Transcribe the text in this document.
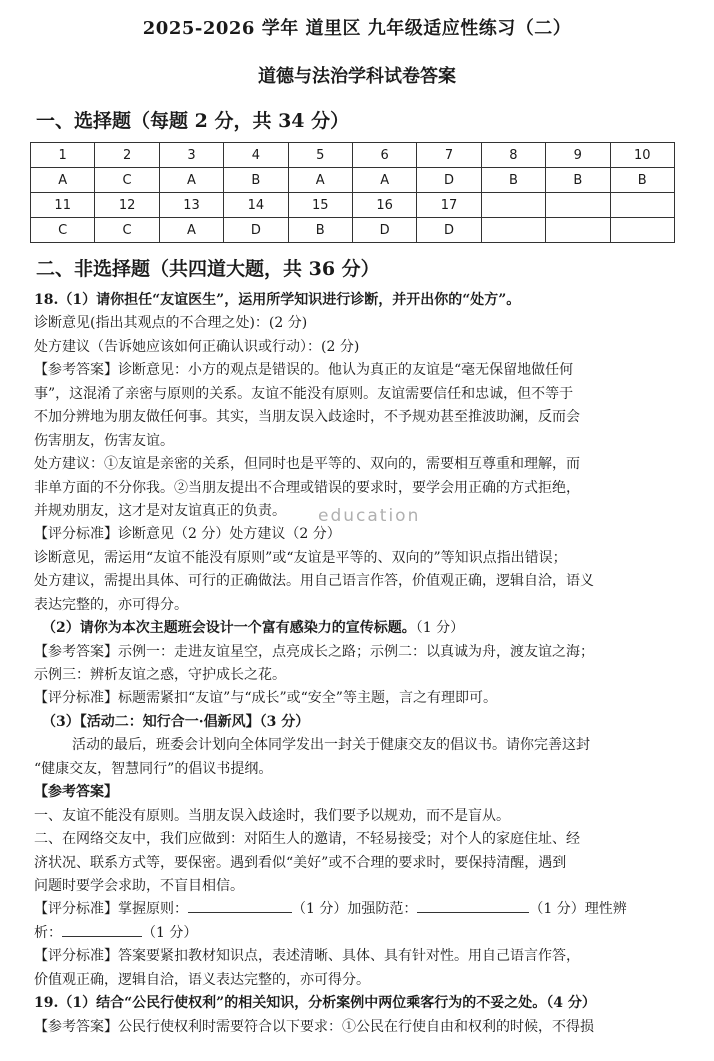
2025-2026 学年 道里区 九年级适应性练习（二）
道德与法治学科试卷答案
一、选择题（每题 2 分，共 34 分）
1	2	3	4	5	6	7	8	9	10
A	C	A	B	A	A	D	B	B	B
11	12	13	14	15	16	17			
C	C	A	D	B	D	D			
二、非选择题（共四道大题，共 36 分）
education
18.（1）请你担任“友谊医生”，运用所学知识进行诊断，并开出你的“处方”。
诊断意见(指出其观点的不合理之处)：(2 分)
处方建议（告诉她应该如何正确认识或行动）：(2 分)
【参考答案】诊断意见：小方的观点是错误的。他认为真正的友谊是“毫无保留地做任何
事”，这混淆了亲密与原则的关系。友谊不能没有原则。友谊需要信任和忠诚，但不等于
不加分辨地为朋友做任何事。其实，当朋友误入歧途时，不予规劝甚至推波助澜，反而会
伤害朋友，伤害友谊。
处方建议：①友谊是亲密的关系，但同时也是平等的、双向的，需要相互尊重和理解，而
非单方面的不分你我。②当朋友提出不合理或错误的要求时，要学会用正确的方式拒绝，
并规劝朋友，这才是对友谊真正的负责。
【评分标准】诊断意见（2 分）处方建议（2 分）
诊断意见，需运用“友谊不能没有原则”或“友谊是平等的、双向的”等知识点指出错误；
处方建议，需提出具体、可行的正确做法。用自己语言作答，价值观正确，逻辑自洽，语义
表达完整的，亦可得分。
（2）请你为本次主题班会设计一个富有感染力的宣传标题。（1 分）
【参考答案】示例一：走进友谊星空，点亮成长之路；示例二：以真诚为舟，渡友谊之海；
示例三：辨析友谊之惑，守护成长之花。
【评分标准】标题需紧扣“友谊”与“成长”或“安全”等主题，言之有理即可。
（3）【活动二：知行合一·倡新风】（3 分）
活动的最后，班委会计划向全体同学发出一封关于健康交友的倡议书。请你完善这封
“健康交友，智慧同行”的倡议书提纲。
【参考答案】
一、友谊不能没有原则。当朋友误入歧途时，我们要予以规劝，而不是盲从。
二、在网络交友中，我们应做到：对陌生人的邀请，不轻易接受；对个人的家庭住址、经
济状况、联系方式等，要保密。遇到看似“美好”或不合理的要求时，要保持清醒，遇到
问题时要学会求助，不盲目相信。
【评分标准】掌握原则：	（1 分）加强防范：	（1 分）理性辨
析：	（1 分）
【评分标准】答案要紧扣教材知识点，表述清晰、具体、具有针对性。用自己语言作答，
价值观正确，逻辑自洽，语义表达完整的，亦可得分。
19.（1）结合“公民行使权利”的相关知识，分析案例中两位乘客行为的不妥之处。（4 分）
【参考答案】公民行使权利时需要符合以下要求：①公民在行使自由和权利的时候，不得损
